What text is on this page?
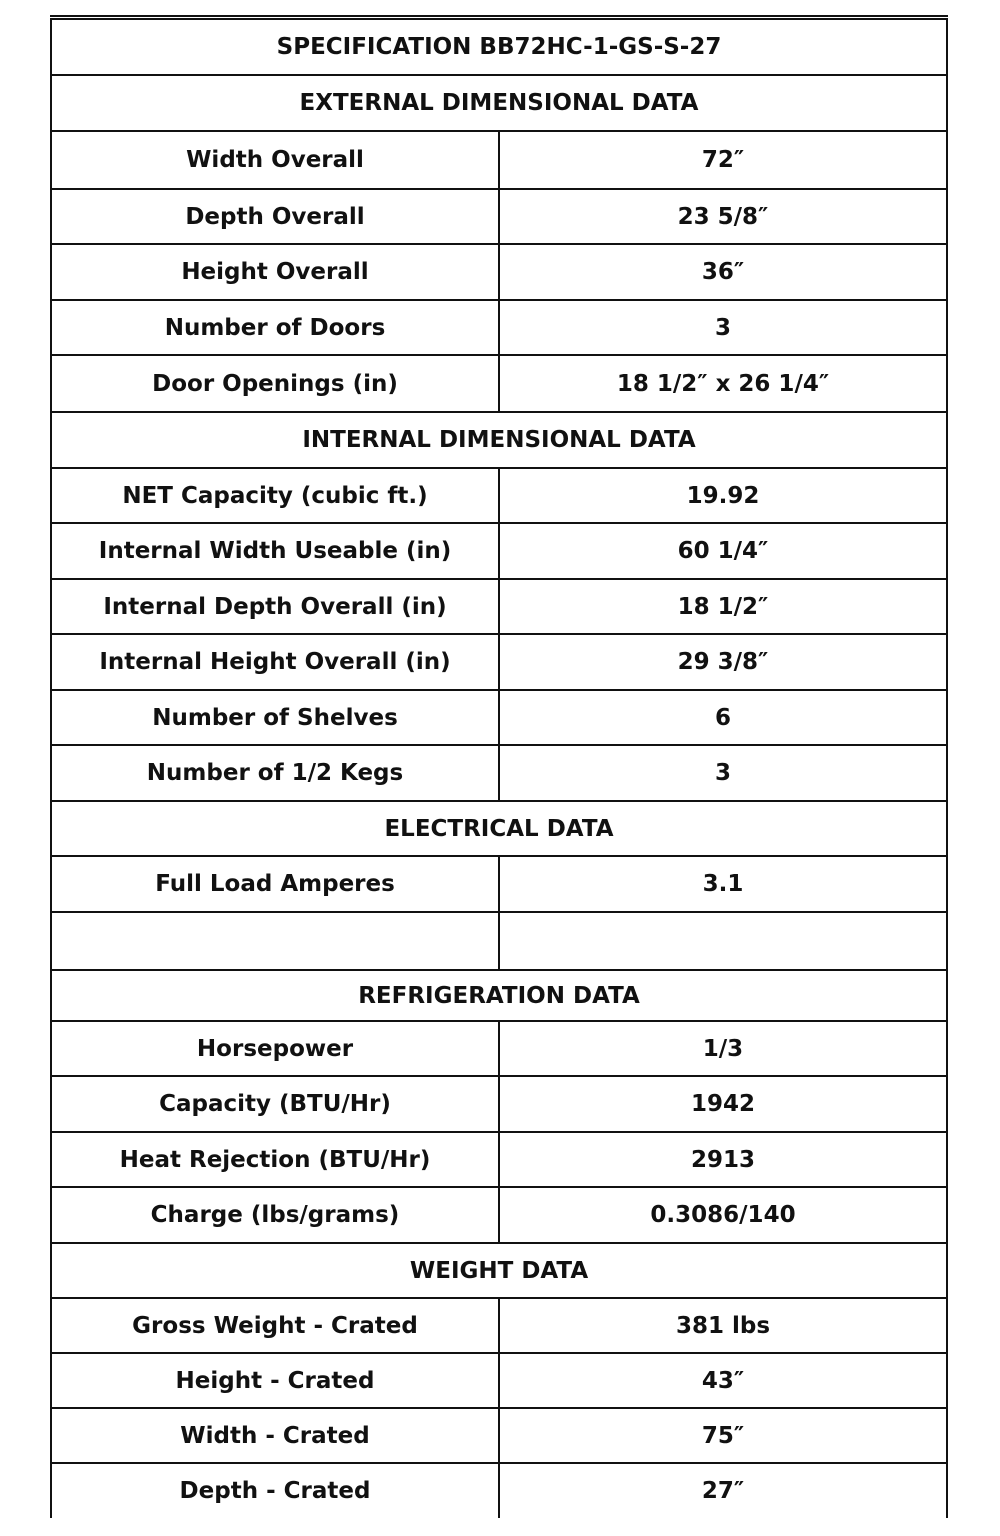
SPECIFICATION BB72HC-1-GS-S-27	
EXTERNAL DIMENSIONAL DATA	
Width Overall	72″
Depth Overall	23 5/8″
Height Overall	36″
Number of Doors	3
Door Openings (in)	18 1/2″ x 26 1/4″
INTERNAL DIMENSIONAL DATA	
NET Capacity (cubic ft.)	19.92
Internal Width Useable (in)	60 1/4″
Internal Depth Overall (in)	18 1/2″
Internal Height Overall (in)	29 3/8″
Number of Shelves	6
Number of 1/2 Kegs	3
ELECTRICAL DATA	
Full Load Amperes	3.1

REFRIGERATION DATA	
Horsepower	1/3
Capacity (BTU/Hr)	1942
Heat Rejection (BTU/Hr)	2913
Charge (lbs/grams)	0.3086/140
WEIGHT DATA	
Gross Weight - Crated	381 lbs
Height - Crated	43″
Width - Crated	75″
Depth - Crated	27″
